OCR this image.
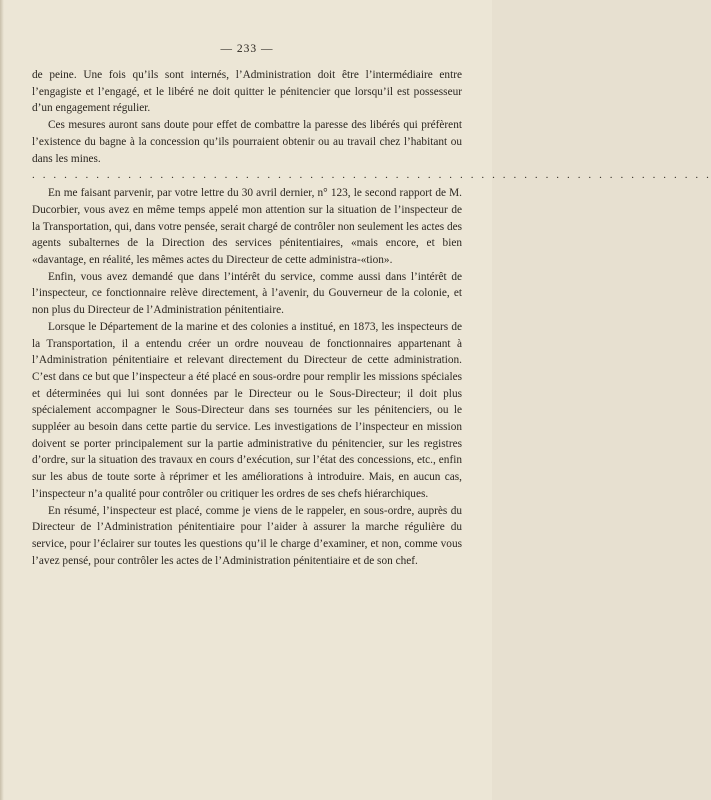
— 233 —

de peine. Une fois qu’ils sont internés, l’Administration doit être l’intermédiaire entre l’engagiste et l’engagé, et le libéré ne doit quitter le pénitencier que lorsqu’il est possesseur d’un engagement régulier.

Ces mesures auront sans doute pour effet de combattre la paresse des libérés qui préfèrent l’existence du bagne à la concession qu’ils pourraient obtenir ou au travail chez l’habitant ou dans les mines.

. . . . . . . . . . . . . . . . . . . . . . . . . . . . . . . . . . . . . . . . . . . . . . . . . . . . . . . . . . . . . . . .

En me faisant parvenir, par votre lettre du 30 avril dernier, n° 123, le second rapport de M. Ducorbier, vous avez en même temps appelé mon attention sur la situation de l’inspecteur de la Transportation, qui, dans votre pensée, serait chargé de contrôler non seulement les actes des agents subalternes de la Direction des services pénitentiaires, «mais encore, et bien «davantage, en réalité, les mêmes actes du Directeur de cette administra-«tion».

Enfin, vous avez demandé que dans l’intérêt du service, comme aussi dans l’intérêt de l’inspecteur, ce fonctionnaire relève directement, à l’avenir, du Gouverneur de la colonie, et non plus du Directeur de l’Administration pénitentiaire.

Lorsque le Département de la marine et des colonies a institué, en 1873, les inspecteurs de la Transportation, il a entendu créer un ordre nouveau de fonctionnaires appartenant à l’Administration pénitentiaire et relevant directement du Directeur de cette administration. C’est dans ce but que l’inspecteur a été placé en sous-ordre pour remplir les missions spéciales et déterminées qui lui sont données par le Directeur ou le Sous-Directeur; il doit plus spécialement accompagner le Sous-Directeur dans ses tournées sur les pénitenciers, ou le suppléer au besoin dans cette partie du service. Les investigations de l’inspecteur en mission doivent se porter principalement sur la partie administrative du pénitencier, sur les registres d’ordre, sur la situation des travaux en cours d’exécution, sur l’état des concessions, etc., enfin sur les abus de toute sorte à réprimer et les améliorations à introduire. Mais, en aucun cas, l’inspecteur n’a qualité pour contrôler ou critiquer les ordres de ses chefs hiérarchiques.

En résumé, l’inspecteur est placé, comme je viens de le rappeler, en sous-ordre, auprès du Directeur de l’Administration pénitentiaire pour l’aider à assurer la marche régulière du service, pour l’éclairer sur toutes les questions qu’il le charge d’examiner, et non, comme vous l’avez pensé, pour contrôler les actes de l’Administration pénitentiaire et de son chef.
